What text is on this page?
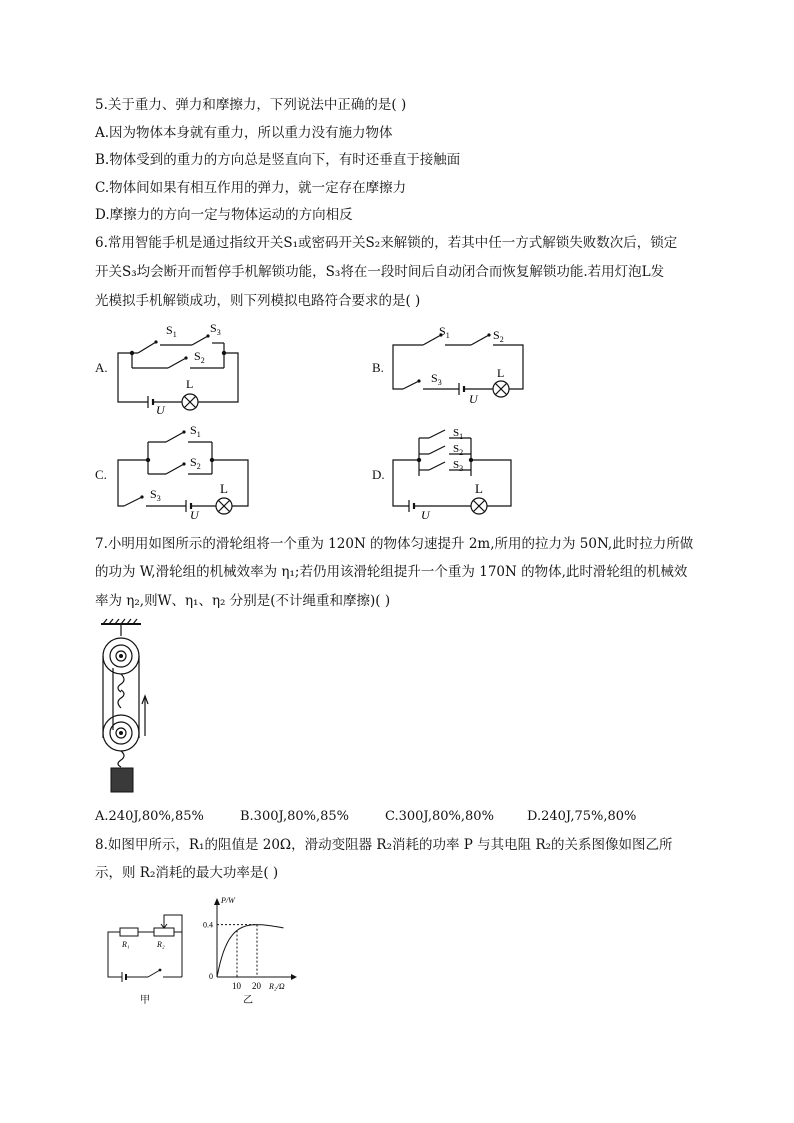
5.关于重力、弹力和摩擦力，下列说法中正确的是( )
A.因为物体本身就有重力，所以重力没有施力物体
B.物体受到的重力的方向总是竖直向下，有时还垂直于接触面
C.物体间如果有相互作用的弹力，就一定存在摩擦力
D.摩擦力的方向一定与物体运动的方向相反
6.常用智能手机是通过指纹开关S₁或密码开关S₂来解锁的，若其中任一方式解锁失败数次后，锁定
开关S₃均会断开而暂停手机解锁功能，S₃将在一段时间后自动闭合而恢复解锁功能.若用灯泡L发
光模拟手机解锁成功，则下列模拟电路符合要求的是( )
A.
$S_1$	$S_3$
$S_2$
L
U
B.
$S_1$	$S_2$
$S_3$
L
U
C.
$S_1$
$S_2$
$S_3$
L
U
D.
$S_1$
$S_2$
$S_3$
L
U
7.小明用如图所示的滑轮组将一个重为 120N 的物体匀速提升 2m,所用的拉力为 50N,此时拉力所做
的功为 W,滑轮组的机械效率为 η₁;若仍用该滑轮组提升一个重为 170N 的物体,此时滑轮组的机械效
率为 η₂,则W、η₁、η₂ 分别是(不计绳重和摩擦)( )
A.240J,80%,85%	B.300J,80%,85%	C.300J,80%,80%	D.240J,75%,80%
8.如图甲所示，R₁的阻值是 20Ω，滑动变阻器 R₂消耗的功率 P 与其电阻 R₂的关系图像如图乙所
示，则 R₂消耗的最大功率是( )
R₁	R₂
甲
P/W
R₂/Ω
0
10 20
0.4
乙
